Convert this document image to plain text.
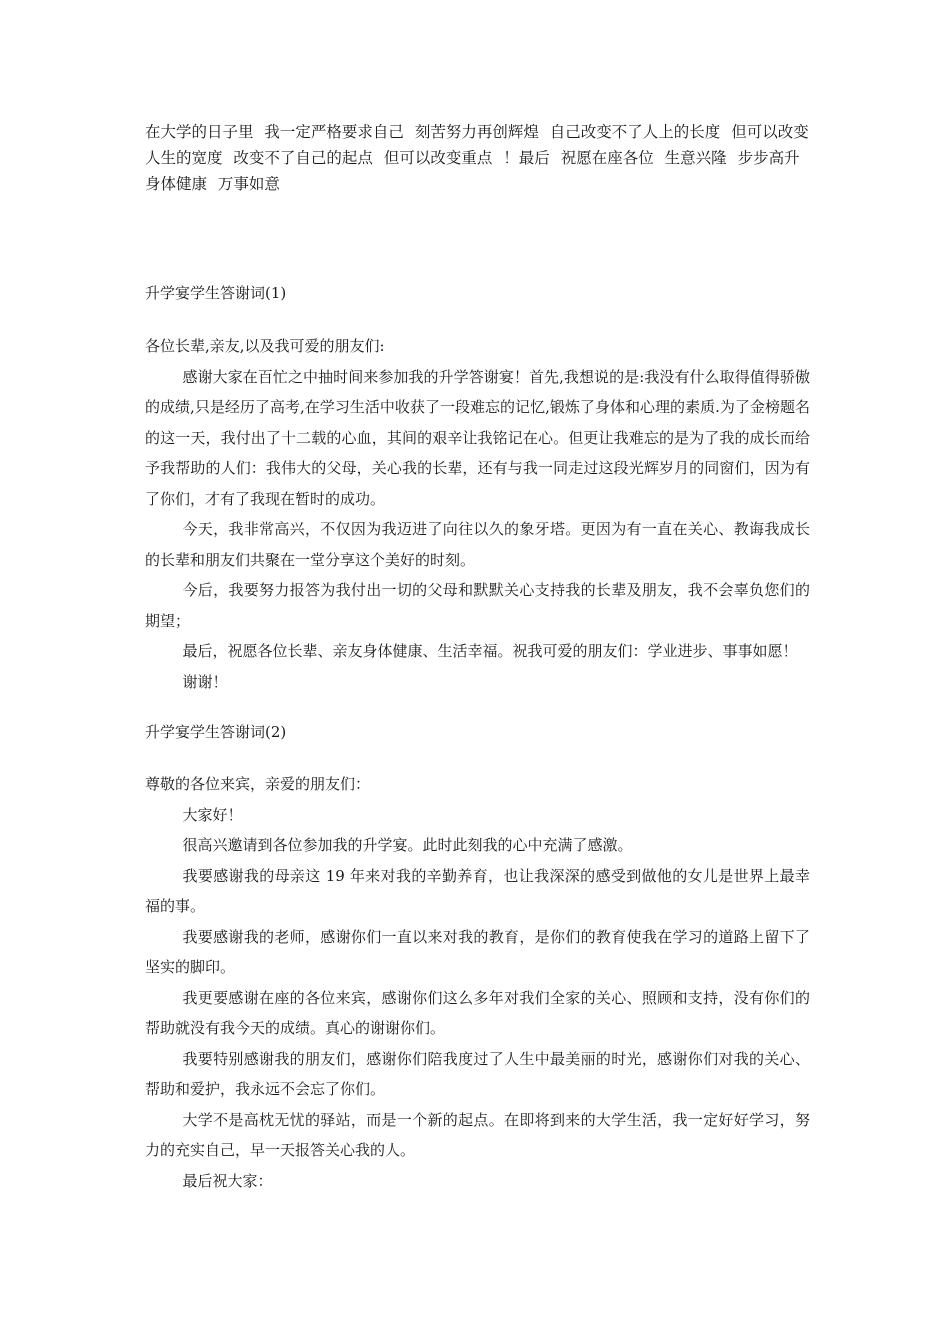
在大学的日子里 我一定严格要求自己 刻苦努力再创辉煌 自己改变不了人上的长度 但可以改变人生的宽度 改变不了自己的起点 但可以改变重点 ！最后 祝愿在座各位 生意兴隆 步步高升 身体健康 万事如意

升学宴学生答谢词(1)

各位长辈,亲友,以及我可爱的朋友们:

感谢大家在百忙之中抽时间来参加我的升学答谢宴！首先,我想说的是:我没有什么取得值得骄傲的成绩,只是经历了高考,在学习生活中收获了一段难忘的记忆,锻炼了身体和心理的素质.为了金榜题名的这一天，我付出了十二载的心血，其间的艰辛让我铭记在心。但更让我难忘的是为了我的成长而给予我帮助的人们：我伟大的父母，关心我的长辈，还有与我一同走过这段光辉岁月的同窗们，因为有了你们，才有了我现在暂时的成功。

今天，我非常高兴，不仅因为我迈进了向往以久的象牙塔。更因为有一直在关心、教诲我成长的长辈和朋友们共聚在一堂分享这个美好的时刻。

今后，我要努力报答为我付出一切的父母和默默关心支持我的长辈及朋友，我不会辜负您们的期望；

最后，祝愿各位长辈、亲友身体健康、生活幸福。祝我可爱的朋友们：学业进步、事事如愿！

谢谢！

升学宴学生答谢词(2)

尊敬的各位来宾，亲爱的朋友们：

大家好！

很高兴邀请到各位参加我的升学宴。此时此刻我的心中充满了感激。

我要感谢我的母亲这 19 年来对我的辛勤养育，也让我深深的感受到做他的女儿是世界上最幸福的事。

我要感谢我的老师，感谢你们一直以来对我的教育，是你们的教育使我在学习的道路上留下了坚实的脚印。

我更要感谢在座的各位来宾，感谢你们这么多年对我们全家的关心、照顾和支持，没有你们的帮助就没有我今天的成绩。真心的谢谢你们。

我要特别感谢我的朋友们，感谢你们陪我度过了人生中最美丽的时光，感谢你们对我的关心、帮助和爱护，我永远不会忘了你们。

大学不是高枕无忧的驿站，而是一个新的起点。在即将到来的大学生活，我一定好好学习，努力的充实自己，早一天报答关心我的人。

最后祝大家：
